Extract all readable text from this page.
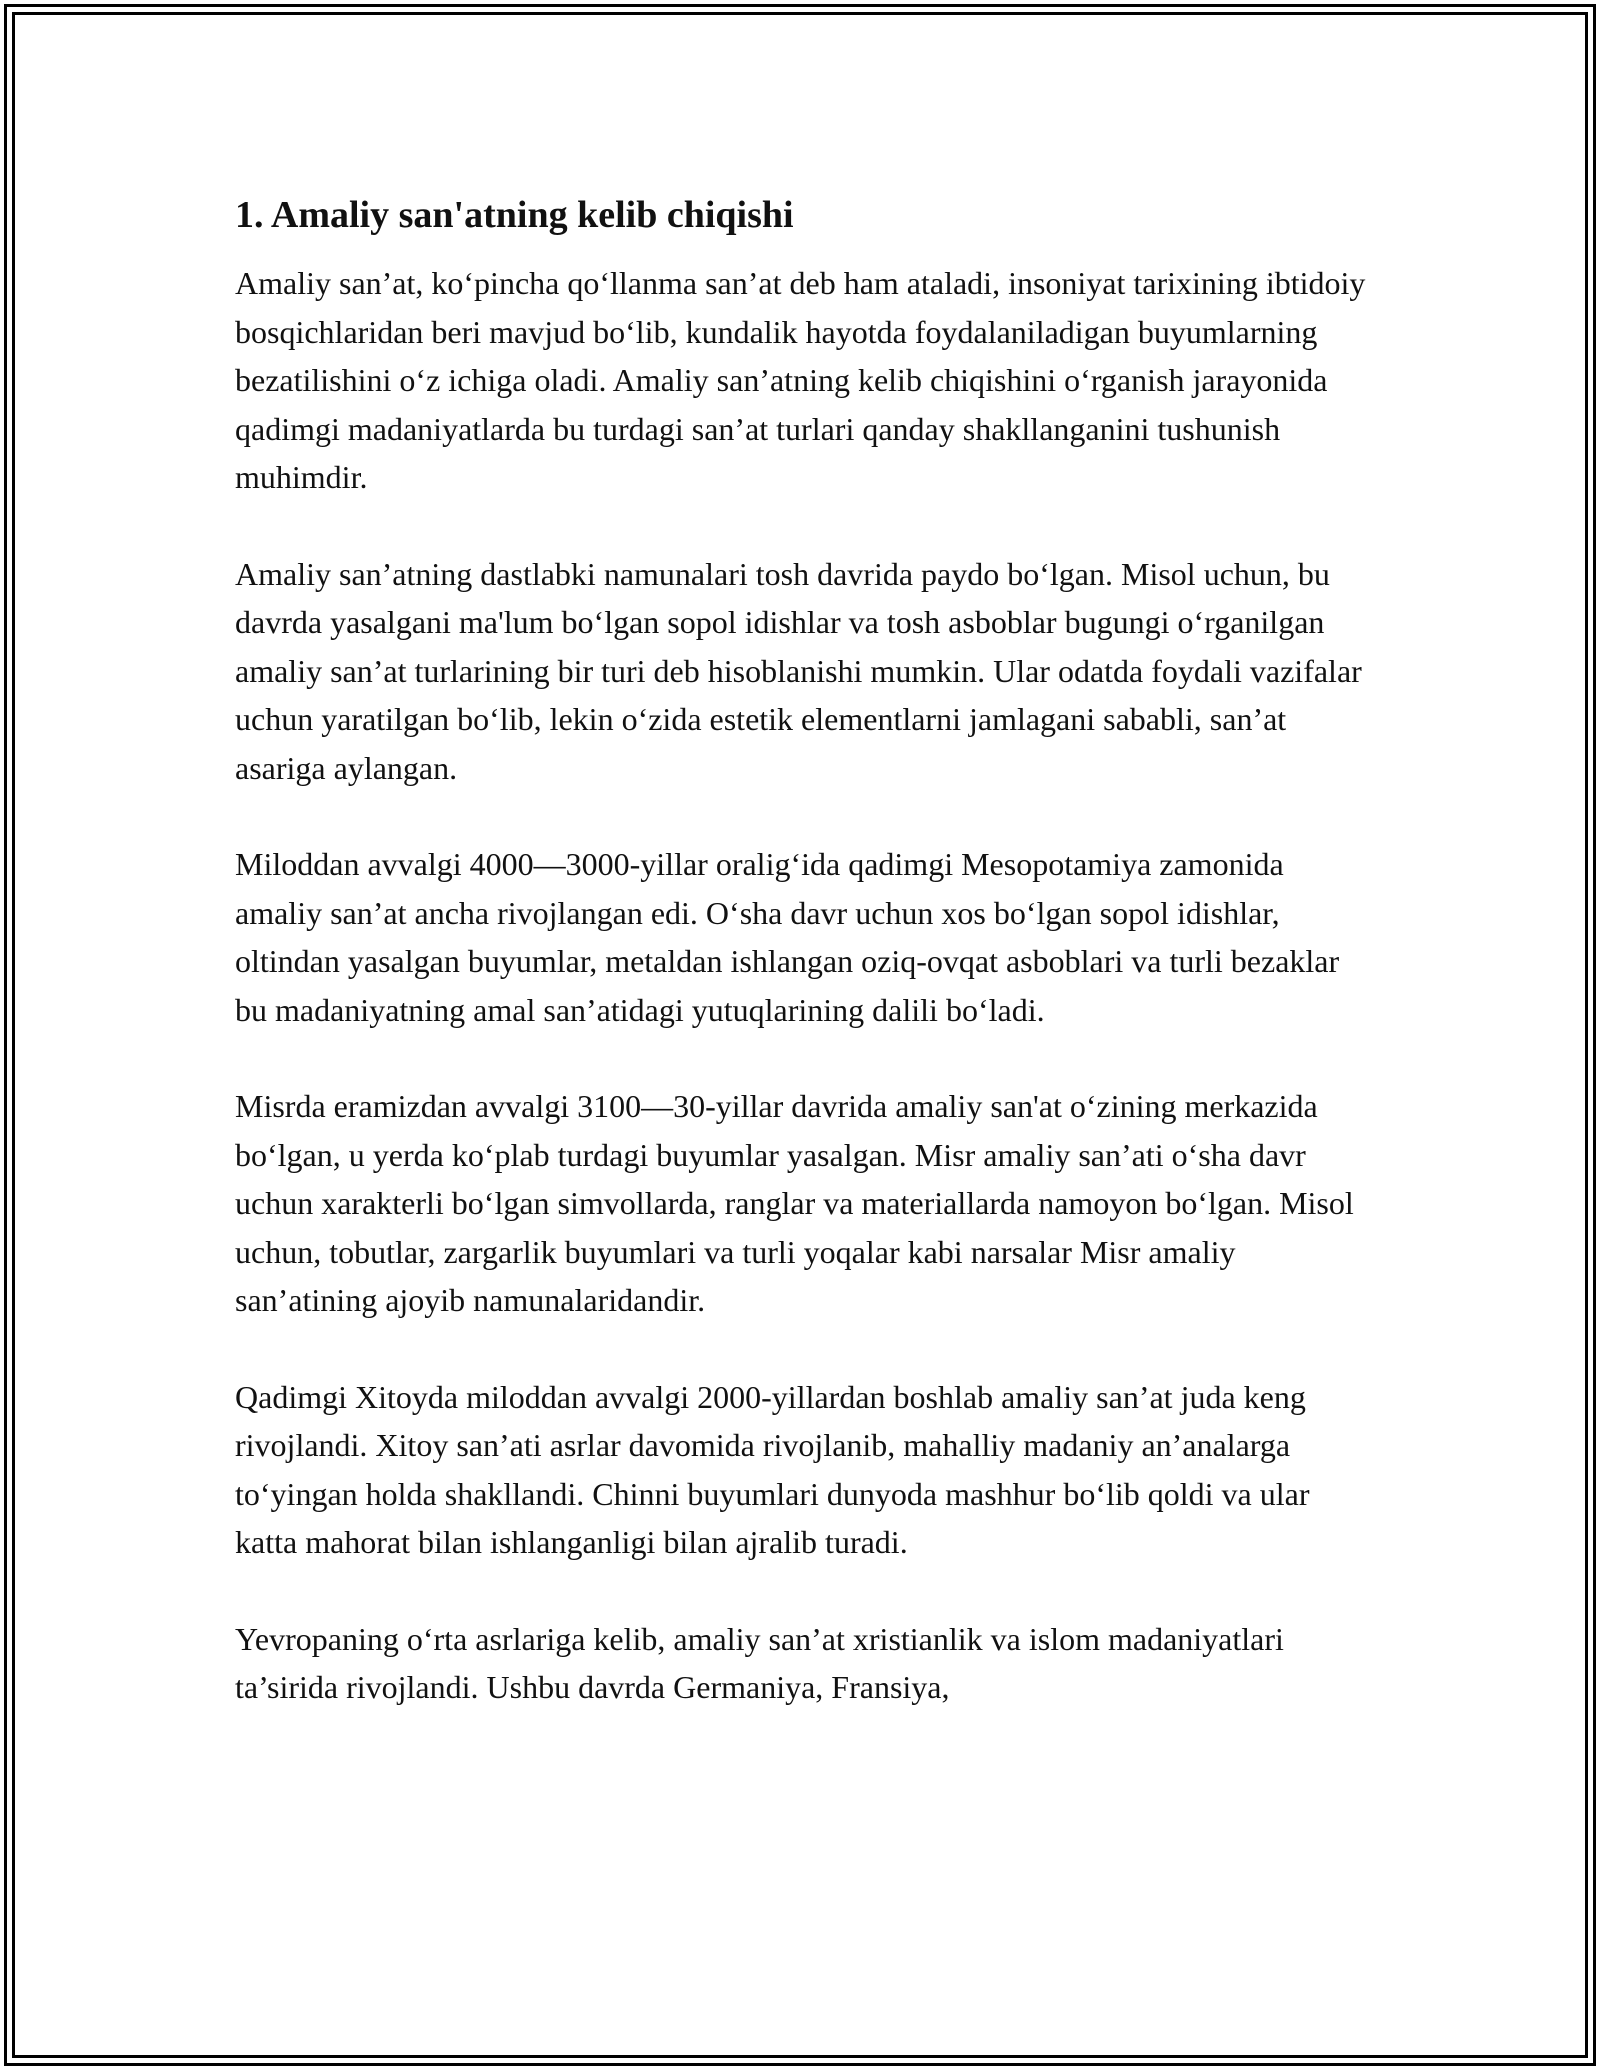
1. Amaliy san'atning kelib chiqishi

Amaliy san’at, ko‘pincha qo‘llanma san’at deb ham ataladi, insoniyat tarixining ibtidoiy bosqichlaridan beri mavjud bo‘lib, kundalik hayotda foydalaniladigan buyumlarning bezatilishini o‘z ichiga oladi. Amaliy san’atning kelib chiqishini o‘rganish jarayonida qadimgi madaniyatlarda bu turdagi san’at turlari qanday shakllanganini tushunish muhimdir.

Amaliy san’atning dastlabki namunalari tosh davrida paydo bo‘lgan. Misol uchun, bu davrda yasalgani ma'lum bo‘lgan sopol idishlar va tosh asboblar bugungi o‘rganilgan amaliy san’at turlarining bir turi deb hisoblanishi mumkin. Ular odatda foydali vazifalar uchun yaratilgan bo‘lib, lekin o‘zida estetik elementlarni jamlagani sababli, san’at asariga aylangan.

Miloddan avvalgi 4000—3000-yillar oralig‘ida qadimgi Mesopotamiya zamonida amaliy san’at ancha rivojlangan edi. O‘sha davr uchun xos bo‘lgan sopol idishlar, oltindan yasalgan buyumlar, metaldan ishlangan oziq-ovqat asboblari va turli bezaklar bu madaniyatning amal san’atidagi yutuqlarining dalili bo‘ladi.

Misrda eramizdan avvalgi 3100—30-yillar davrida amaliy san'at o‘zining merkazida bo‘lgan, u yerda ko‘plab turdagi buyumlar yasalgan. Misr amaliy san’ati o‘sha davr uchun xarakterli bo‘lgan simvollarda, ranglar va materiallarda namoyon bo‘lgan. Misol uchun, tobutlar, zargarlik buyumlari va turli yoqalar kabi narsalar Misr amaliy san’atining ajoyib namunalaridandir.

Qadimgi Xitoyda miloddan avvalgi 2000-yillardan boshlab amaliy san’at juda keng rivojlandi. Xitoy san’ati asrlar davomida rivojlanib, mahalliy madaniy an’analarga to‘yingan holda shakllandi. Chinni buyumlari dunyoda mashhur bo‘lib qoldi va ular katta mahorat bilan ishlanganligi bilan ajralib turadi.

Yevropaning o‘rta asrlariga kelib, amaliy san’at xristianlik va islom madaniyatlari ta’sirida rivojlandi. Ushbu davrda Germaniya, Fransiya,
